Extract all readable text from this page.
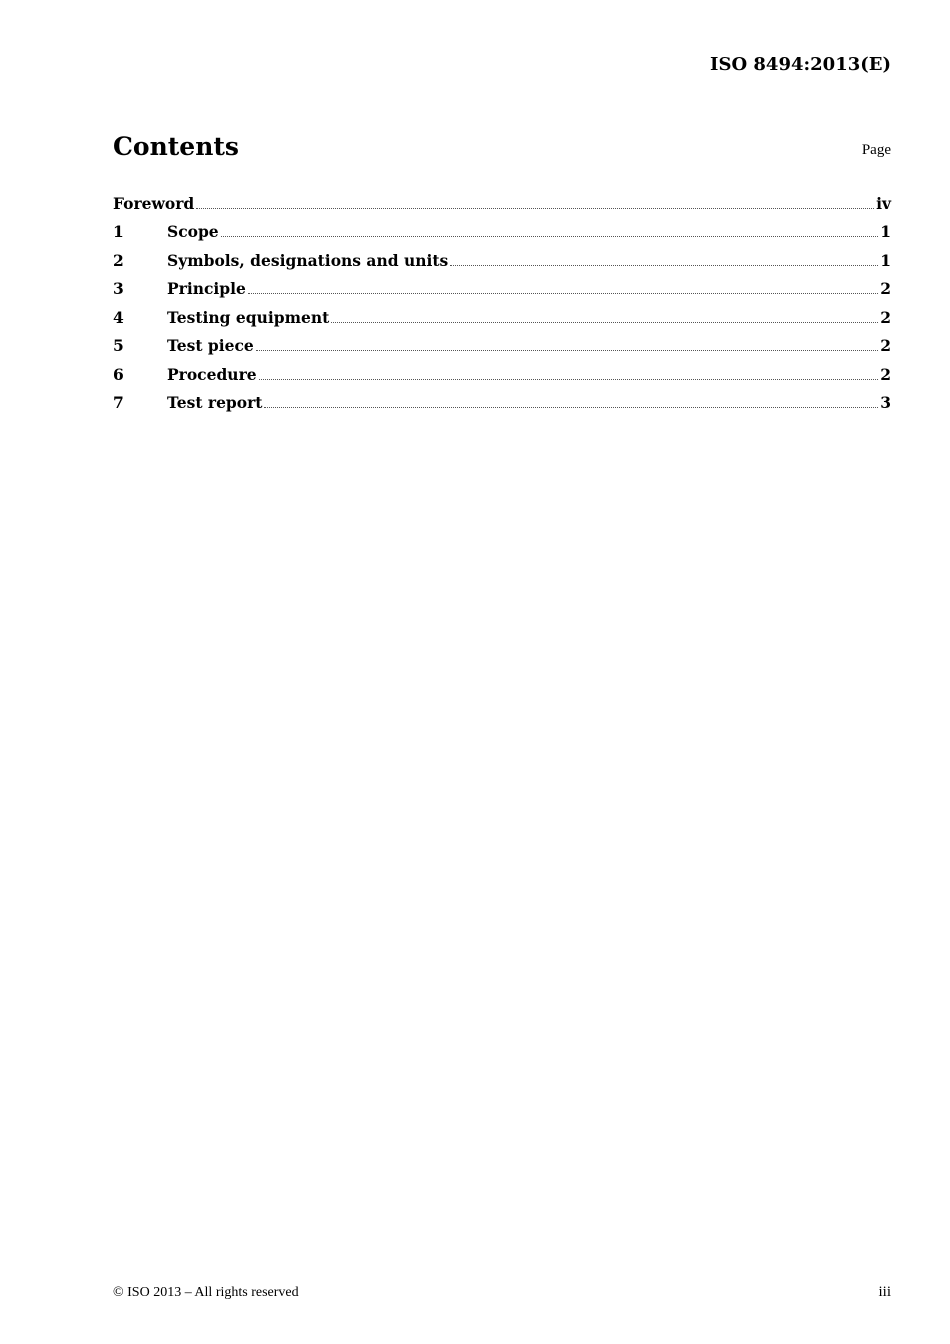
ISO 8494:2013(E)
Contents	Page
Foreword	iv
1	Scope	1
2	Symbols, designations and units	1
3	Principle	2
4	Testing equipment	2
5	Test piece	2
6	Procedure	2
7	Test report	3
© ISO 2013 – All rights reserved	iii
